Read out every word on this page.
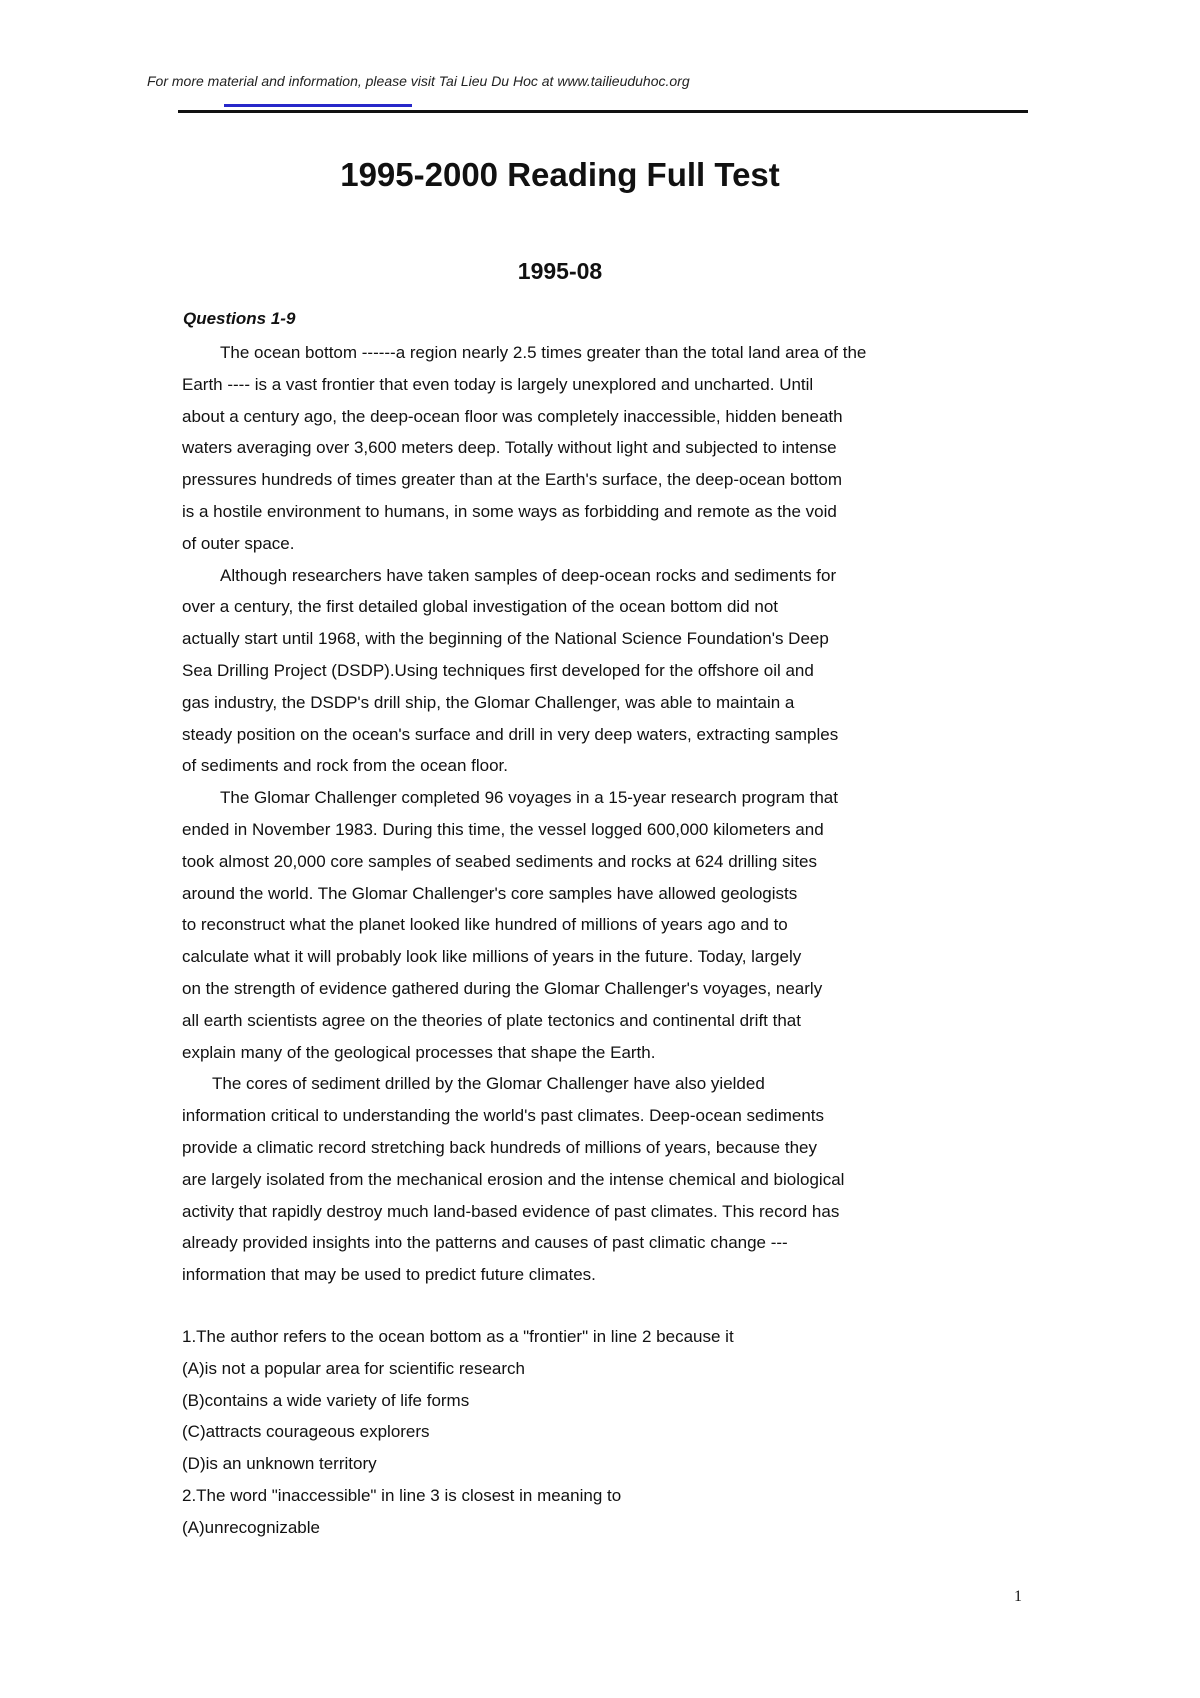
For more material and information, please visit Tai Lieu Du Hoc at www.tailieuduhoc.org
1995-2000 Reading Full Test
1995-08
Questions 1-9
The ocean bottom ------a region nearly 2.5 times greater than the total land area of the
Earth ---- is a vast frontier that even today is largely unexplored and uncharted. Until
about a century ago, the deep-ocean floor was completely inaccessible, hidden beneath
waters averaging over 3,600 meters deep. Totally without light and subjected to intense
pressures hundreds of times greater than at the Earth's surface, the deep-ocean bottom
is a hostile environment to humans, in some ways as forbidding and remote as the void
of outer space.
Although researchers have taken samples of deep-ocean rocks and sediments for
over a century, the first detailed global investigation of the ocean bottom did not
actually start until 1968, with the beginning of the National Science Foundation's Deep
Sea Drilling Project (DSDP).Using techniques first developed for the offshore oil and
gas industry, the DSDP's drill ship, the Glomar Challenger, was able to maintain a
steady position on the ocean's surface and drill in very deep waters, extracting samples
of sediments and rock from the ocean floor.
The Glomar Challenger completed 96 voyages in a 15-year research program that
ended in November 1983. During this time, the vessel logged 600,000 kilometers and
took almost 20,000 core samples of seabed sediments and rocks at 624 drilling sites
around the world. The Glomar Challenger's core samples have allowed geologists
to reconstruct what the planet looked like hundred of millions of years ago and to
calculate what it will probably look like millions of years in the future. Today, largely
on the strength of evidence gathered during the Glomar Challenger's voyages, nearly
all earth scientists agree on the theories of plate tectonics and continental drift that
explain many of the geological processes that shape the Earth.
The cores of sediment drilled by the Glomar Challenger have also yielded
information critical to understanding the world's past climates. Deep-ocean sediments
provide a climatic record stretching back hundreds of millions of years, because they
are largely isolated from the mechanical erosion and the intense chemical and biological
activity that rapidly destroy much land-based evidence of past climates. This record has
already provided insights into the patterns and causes of past climatic change ---
information that may be used to predict future climates.
1.The author refers to the ocean bottom as a "frontier" in line 2 because it
(A)is not a popular area for scientific research
(B)contains a wide variety of life forms
(C)attracts courageous explorers
(D)is an unknown territory
2.The word "inaccessible" in line 3 is closest in meaning to
(A)unrecognizable
1
